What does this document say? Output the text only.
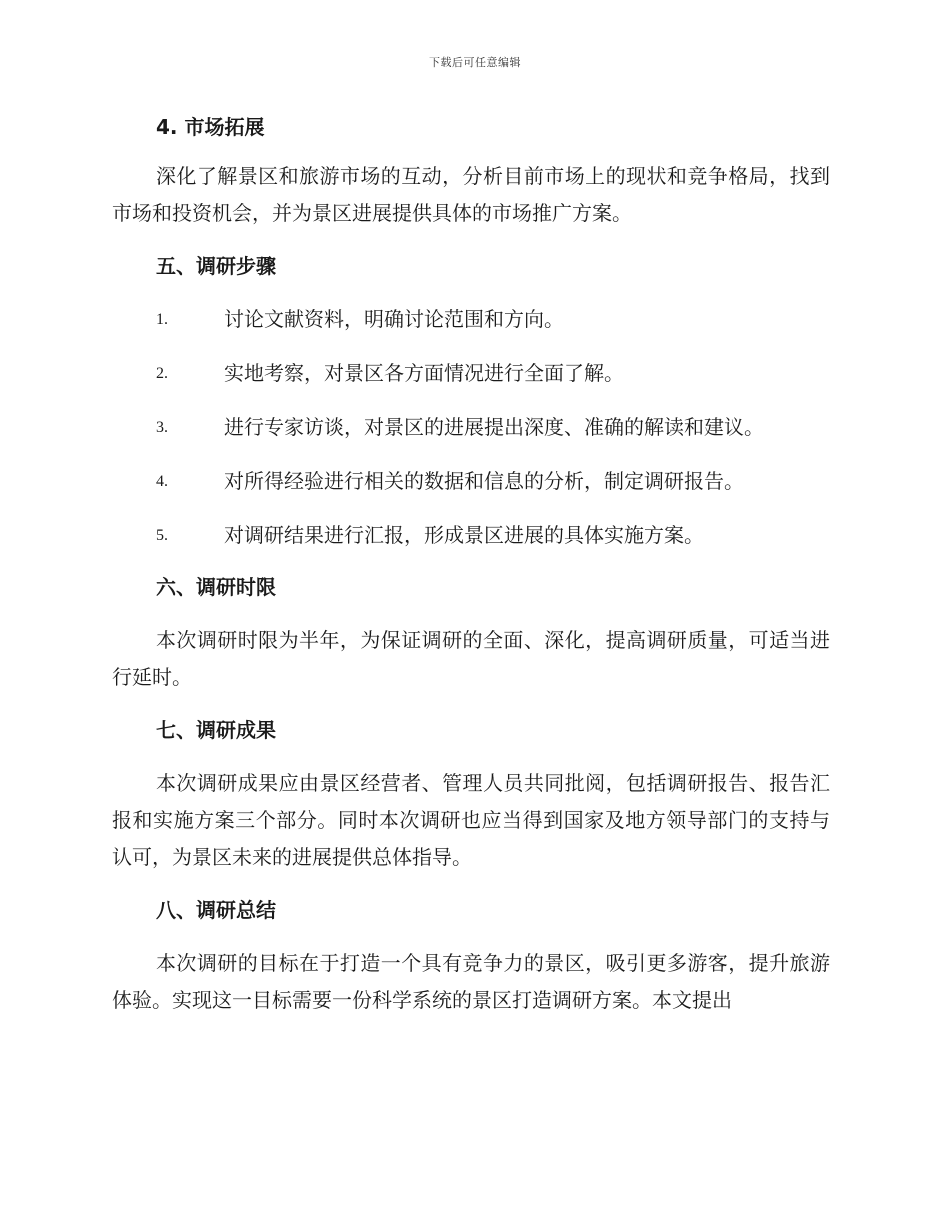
下载后可任意编辑
4. 市场拓展

深化了解景区和旅游市场的互动，分析目前市场上的现状和竞争格局，找到市场和投资机会，并为景区进展提供具体的市场推广方案。

五、调研步骤
1.	讨论文献资料，明确讨论范围和方向。
2.	实地考察，对景区各方面情况进行全面了解。
3.	进行专家访谈，对景区的进展提出深度、准确的解读和建议。
4.	对所得经验进行相关的数据和信息的分析，制定调研报告。
5.	对调研结果进行汇报，形成景区进展的具体实施方案。
六、调研时限

本次调研时限为半年，为保证调研的全面、深化，提高调研质量，可适当进行延时。

七、调研成果

本次调研成果应由景区经营者、管理人员共同批阅，包括调研报告、报告汇报和实施方案三个部分。同时本次调研也应当得到国家及地方领导部门的支持与认可，为景区未来的进展提供总体指导。

八、调研总结

本次调研的目标在于打造一个具有竞争力的景区，吸引更多游客，提升旅游体验。实现这一目标需要一份科学系统的景区打造调研方案。本文提出
